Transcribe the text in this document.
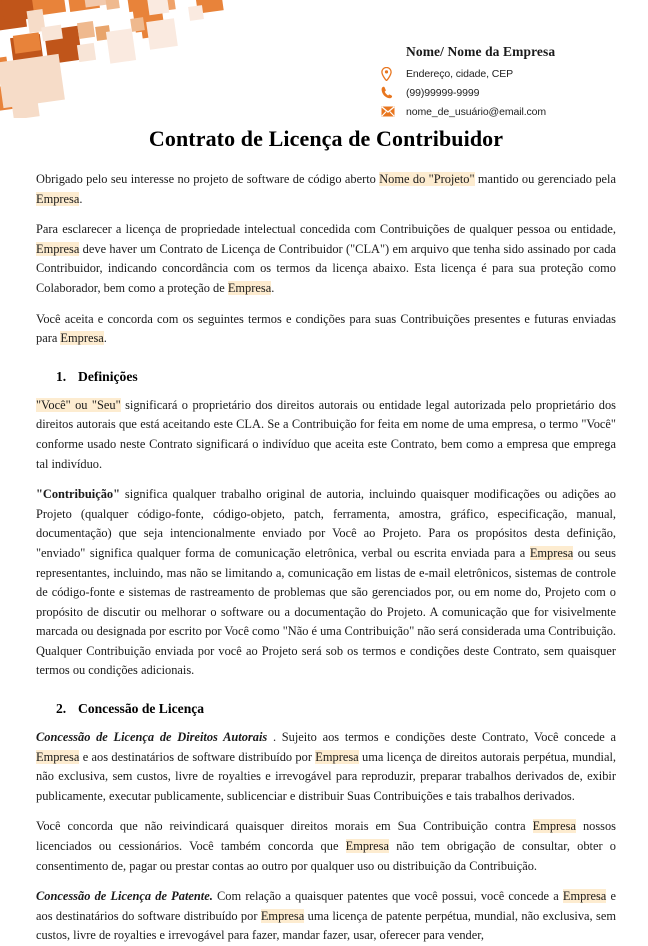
Nome/ Nome da Empresa
Endereço, cidade, CEP
(99)99999-9999
nome_de_usuário@email.com
Contrato de Licença de Contribuidor

Obrigado pelo seu interesse no projeto de software de código aberto Nome do "Projeto" mantido ou gerenciado pela Empresa.

Para esclarecer a licença de propriedade intelectual concedida com Contribuições de qualquer pessoa ou entidade, Empresa deve haver um Contrato de Licença de Contribuidor ("CLA") em arquivo que tenha sido assinado por cada Contribuidor, indicando concordância com os termos da licença abaixo. Esta licença é para sua proteção como Colaborador, bem como a proteção de Empresa.

Você aceita e concorda com os seguintes termos e condições para suas Contribuições presentes e futuras enviadas para Empresa.

1. Definições

"Você" ou "Seu" significará o proprietário dos direitos autorais ou entidade legal autorizada pelo proprietário dos direitos autorais que está aceitando este CLA. Se a Contribuição for feita em nome de uma empresa, o termo "Você" conforme usado neste Contrato significará o indivíduo que aceita este Contrato, bem como a empresa que emprega tal indivíduo.

"Contribuição" significa qualquer trabalho original de autoria, incluindo quaisquer modificações ou adições ao Projeto (qualquer código-fonte, código-objeto, patch, ferramenta, amostra, gráfico, especificação, manual, documentação) que seja intencionalmente enviado por Você ao Projeto. Para os propósitos desta definição, "enviado" significa qualquer forma de comunicação eletrônica, verbal ou escrita enviada para a Empresa ou seus representantes, incluindo, mas não se limitando a, comunicação em listas de e-mail eletrônicos, sistemas de controle de código-fonte e sistemas de rastreamento de problemas que são gerenciados por, ou em nome do, Projeto com o propósito de discutir ou melhorar o software ou a documentação do Projeto. A comunicação que for visivelmente marcada ou designada por escrito por Você como "Não é uma Contribuição" não será considerada uma Contribuição. Qualquer Contribuição enviada por você ao Projeto será sob os termos e condições deste Contrato, sem quaisquer termos ou condições adicionais.

2. Concessão de Licença

Concessão de Licença de Direitos Autorais . Sujeito aos termos e condições deste Contrato, Você concede a Empresa e aos destinatários de software distribuído por Empresa uma licença de direitos autorais perpétua, mundial, não exclusiva, sem custos, livre de royalties e irrevogável para reproduzir, preparar trabalhos derivados de, exibir publicamente, executar publicamente, sublicenciar e distribuir Suas Contribuições e tais trabalhos derivados.

Você concorda que não reivindicará quaisquer direitos morais em Sua Contribuição contra Empresa nossos licenciados ou cessionários. Você também concorda que Empresa não tem obrigação de consultar, obter o consentimento de, pagar ou prestar contas ao outro por qualquer uso ou distribuição da Contribuição.

Concessão de Licença de Patente. Com relação a quaisquer patentes que você possui, você concede a Empresa e aos destinatários do software distribuído por Empresa uma licença de patente perpétua, mundial, não exclusiva, sem custos, livre de royalties e irrevogável para fazer, mandar fazer, usar, oferecer para vender,
